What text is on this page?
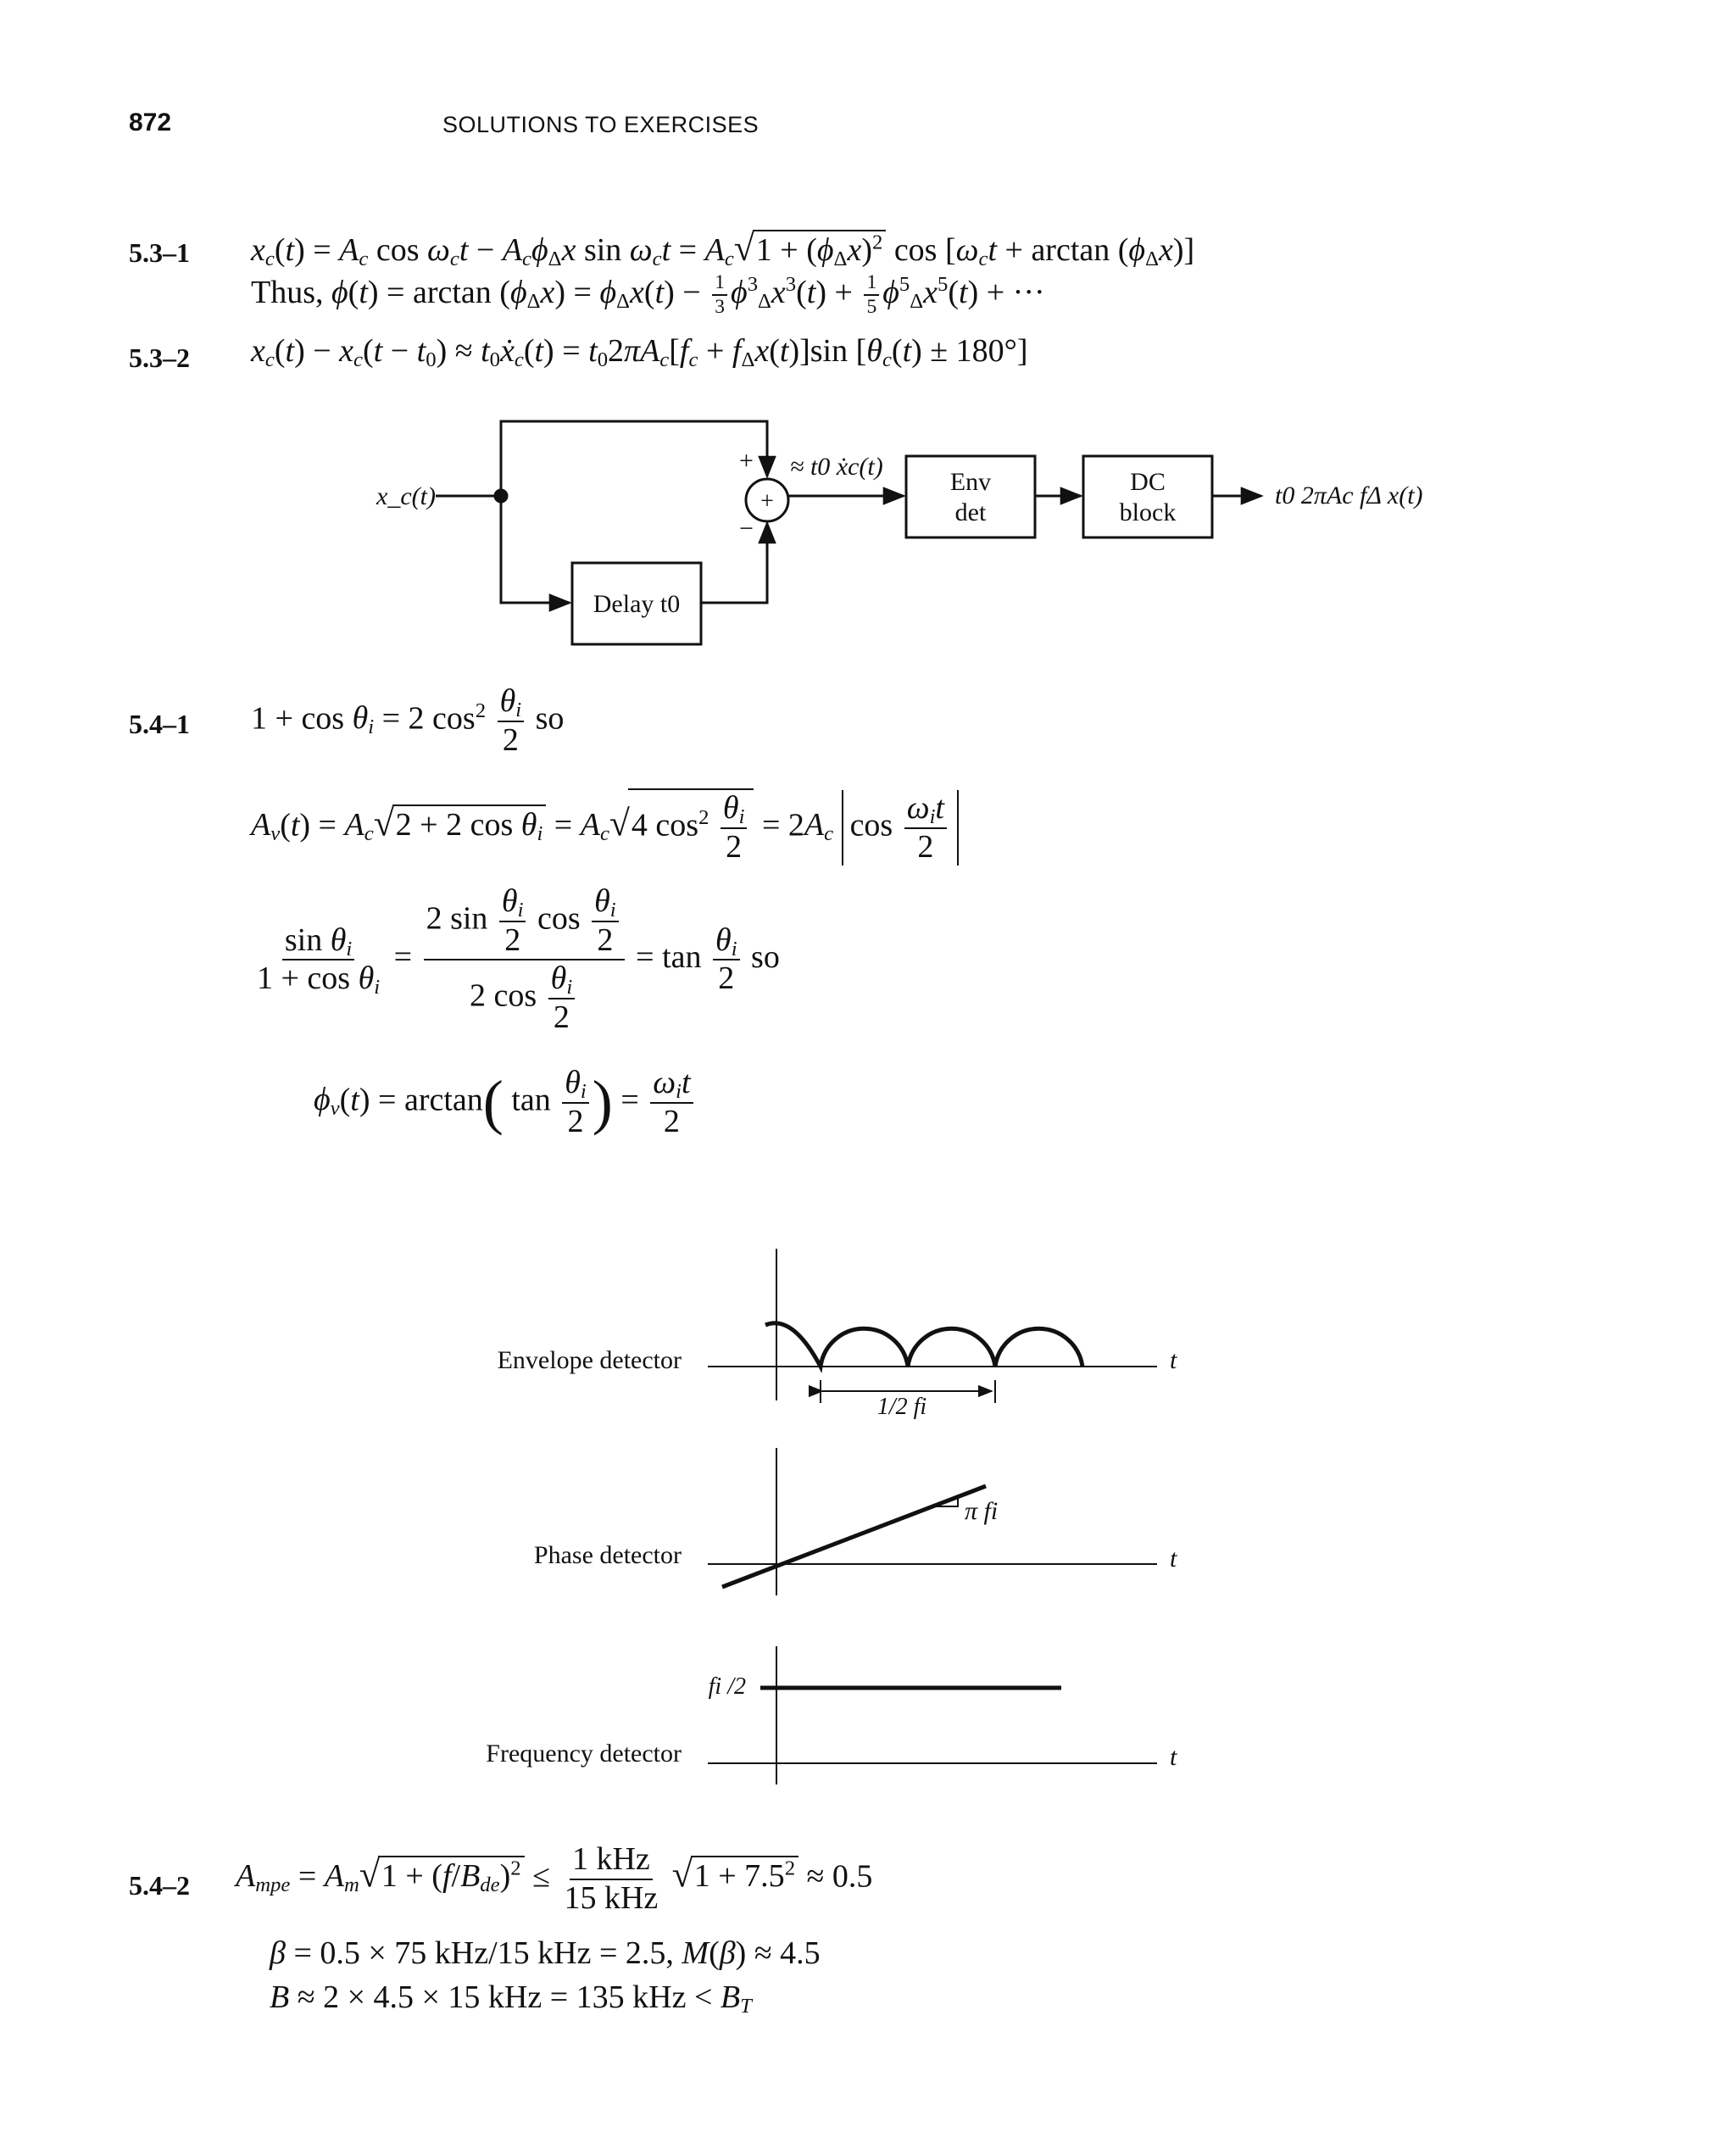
872	SOLUTIONS TO EXERCISES
5.3–1 $x_c(t) = A_c$ $\cos \omega_ct - A_c\phi_\Delta x$ $\sin \omega_ct = A_c√1 + (\phi_\Delta x)^2$ $\cos [\omega_ct + \arctan (\phi_\Delta x)]$
Thus, $\phi(t) = \arctan (\phi_\Delta x) = \phi_\Delta x(t) - \frac{1}{3} \phi^3_\Delta x^3(t) + \frac{1}{5} \phi^5_\Delta x^5(t)$ + ···
5.3–2 $x_c(t) - x_c(t - t_0)$ ≈ $t_0ẋ_c(t) = t_02\pi A_c[f_c + f_\Delta x(t)]\sin$ $[\theta_c(t) \pm 180^\circ]$
x_c(t)
+
−
+
≈ t0 ẋc(t)
Env
det
DC
block
Delay t0
t0 2πAc fΔ x(t)
Envelope detector	t
1/2 fi
Phase detector	t
π fi
Frequency detector	t
fi /2
5.4–1 $1 + \cos \theta_i = 2$ $\cos^2 \frac{\theta_i}{2}$ so
$A_v(t) = A_c√2 + 2$ $\cos \theta_i = A_c√4$ $\cos^2 \frac{\theta_i}{2} = 2A_c$ $\cos \frac{\omega_it}{2}$
$\frac{\sin \theta_i}{1 + \cos \theta_i} = \frac{2 \sin \frac{\theta_i}{2} \cos \frac{\theta_i}{2}}{2 \cos \frac{\theta_i}{2}} = \tan \frac{\theta_i}{2}$ so
$\phi_v(t) = \arctan$( $\tan \frac{\theta_i}{2}$ ) = $\frac{\omega_it}{2}$
5.4–2 $A_{mpe} = A_m√1 + (f/B_{de})^2 \le \frac{\text{1 kHz}}{\text{15 kHz}} √1 + 7.5^2 \approx 0.5$
β = 0.5 × 75 kHz/15 kHz = 2.5, M(β) ≈ 4.5
B ≈ 2 × 4.5 × 15 kHz = 135 kHz < $B_T$
